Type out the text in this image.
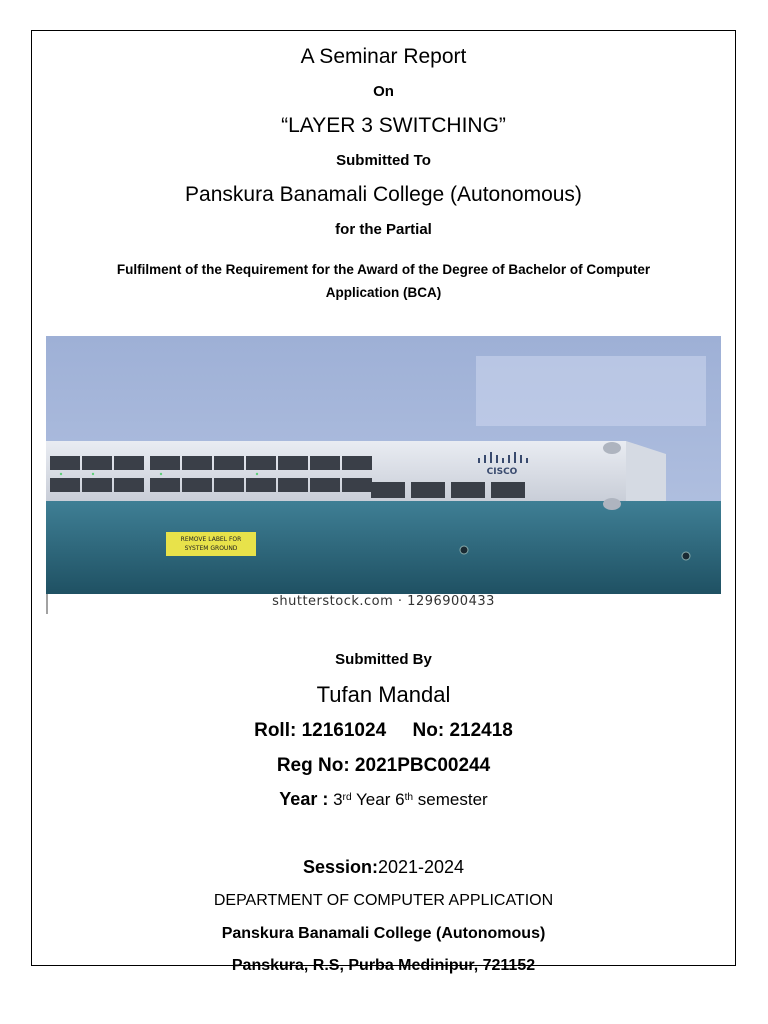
A Seminar Report
On
“LAYER 3 SWITCHING”
Submitted To
Panskura Banamali College (Autonomous)
for the Partial
Fulfilment of the Requirement for the Award of the Degree of Bachelor of Computer
Application (BCA)
CISCO
REMOVE LABEL FOR
SYSTEM GROUND
shutterstock.com · 1296900433
Submitted By
Tufan Mandal
Roll: 12161024     No: 212418
Reg No: 2021PBC00244
Year : 3rd Year 6th semester
Session:2021-2024
DEPARTMENT OF COMPUTER APPLICATION
Panskura Banamali College (Autonomous)
Panskura, R.S, Purba Medinipur, 721152
